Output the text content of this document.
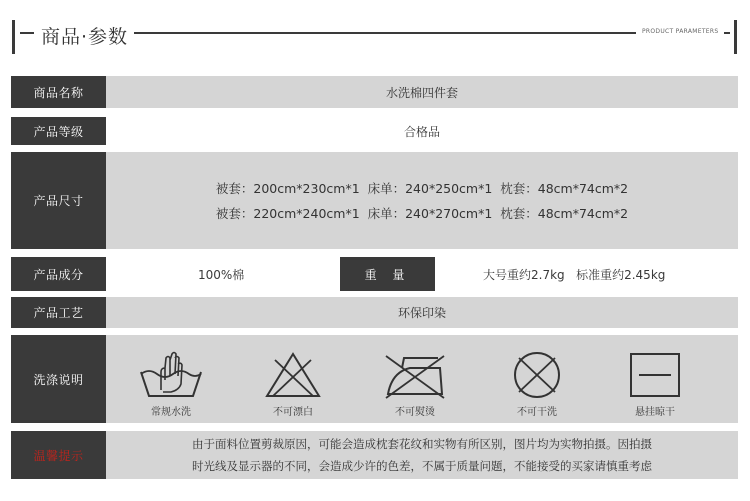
商品·参数	PRODUCT PARAMETERS
商品名称	水洗棉四件套
产品等级	合格品
产品尺寸
被套：200cm*230cm*1  床单：240*250cm*1  枕套：48cm*74cm*2
被套：220cm*240cm*1  床单：240*270cm*1  枕套：48cm*74cm*2
产品成分	100%棉	重 量	大号重约2.7kg   标准重约2.45kg
产品工艺	环保印染
洗涤说明
常规水洗	不可漂白	不可熨烫	不可干洗	悬挂晾干
温馨提示
由于面料位置剪裁原因，可能会造成枕套花纹和实物有所区别，图片均为实物拍摄。因拍摄
时光线及显示器的不同，会造成少许的色差，不属于质量问题，不能接受的买家请慎重考虑
